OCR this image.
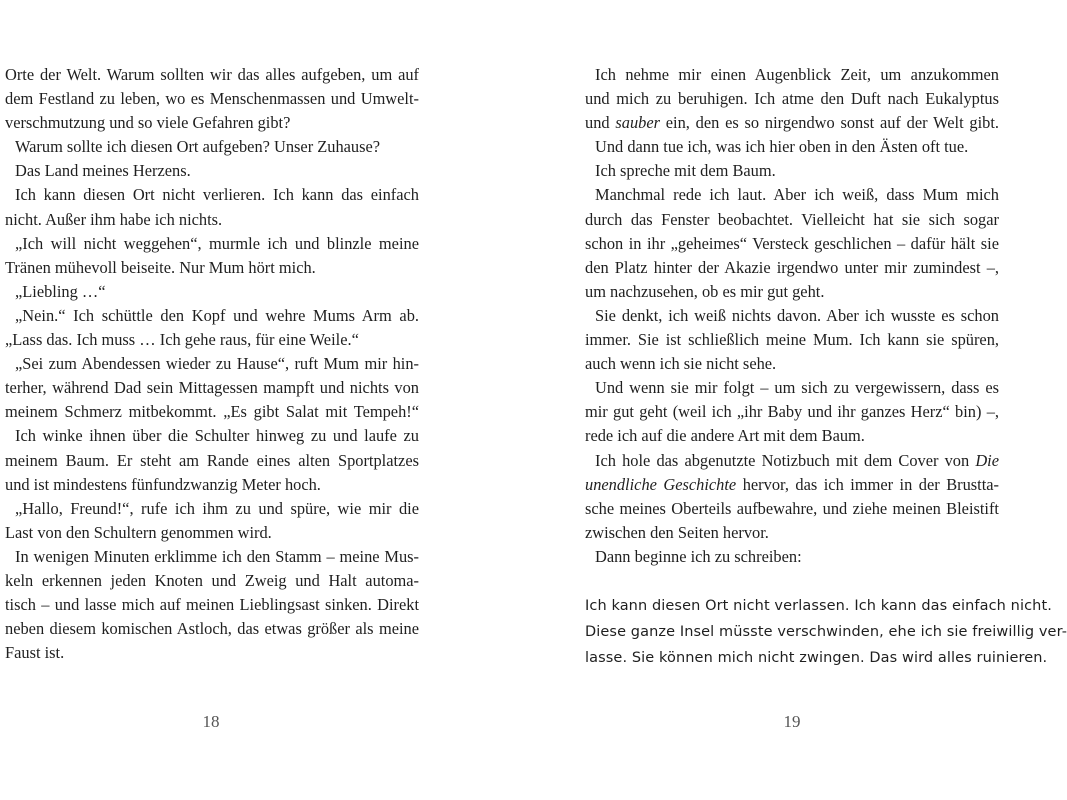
Orte der Welt. Warum sollten wir das alles aufgeben, um auf
dem Festland zu leben, wo es Menschenmassen und Umwelt-
verschmutzung und so viele Gefahren gibt?
Warum sollte ich diesen Ort aufgeben? Unser Zuhause?
Das Land meines Herzens.
Ich kann diesen Ort nicht verlieren. Ich kann das einfach
nicht. Außer ihm habe ich nichts.
„Ich will nicht weggehen“, murmle ich und blinzle meine
Tränen mühevoll beiseite. Nur Mum hört mich.
„Liebling …“
„Nein.“ Ich schüttle den Kopf und wehre Mums Arm ab.
„Lass das. Ich muss … Ich gehe raus, für eine Weile.“
„Sei zum Abendessen wieder zu Hause“, ruft Mum mir hin-
terher, während Dad sein Mittagessen mampft und nichts von
meinem Schmerz mitbekommt. „Es gibt Salat mit Tempeh!“
Ich winke ihnen über die Schulter hinweg zu und laufe zu
meinem Baum. Er steht am Rande eines alten Sportplatzes
und ist mindestens fünfundzwanzig Meter hoch.
„Hallo, Freund!“, rufe ich ihm zu und spüre, wie mir die
Last von den Schultern genommen wird.
In wenigen Minuten erklimme ich den Stamm – meine Mus-
keln erkennen jeden Knoten und Zweig und Halt automa-
tisch – und lasse mich auf meinen Lieblingsast sinken. Direkt
neben diesem komischen Astloch, das etwas größer als meine
Faust ist.
18
Ich nehme mir einen Augenblick Zeit, um anzukommen
und mich zu beruhigen. Ich atme den Duft nach Eukalyptus
und sauber ein, den es so nirgendwo sonst auf der Welt gibt.
Und dann tue ich, was ich hier oben in den Ästen oft tue.
Ich spreche mit dem Baum.
Manchmal rede ich laut. Aber ich weiß, dass Mum mich
durch das Fenster beobachtet. Vielleicht hat sie sich sogar
schon in ihr „geheimes“ Versteck geschlichen – dafür hält sie
den Platz hinter der Akazie irgendwo unter mir zumindest –,
um nachzusehen, ob es mir gut geht.
Sie denkt, ich weiß nichts davon. Aber ich wusste es schon
immer. Sie ist schließlich meine Mum. Ich kann sie spüren,
auch wenn ich sie nicht sehe.
Und wenn sie mir folgt – um sich zu vergewissern, dass es
mir gut geht (weil ich „ihr Baby und ihr ganzes Herz“ bin) –,
rede ich auf die andere Art mit dem Baum.
Ich hole das abgenutzte Notizbuch mit dem Cover von Die
unendliche Geschichte hervor, das ich immer in der Brustta-
sche meines Oberteils aufbewahre, und ziehe meinen Bleistift
zwischen den Seiten hervor.
Dann beginne ich zu schreiben:
Ich kann diesen Ort nicht verlassen. Ich kann das einfach nicht.
Diese ganze Insel müsste verschwinden, ehe ich sie freiwillig ver-
lasse. Sie können mich nicht zwingen. Das wird alles ruinieren.
19
